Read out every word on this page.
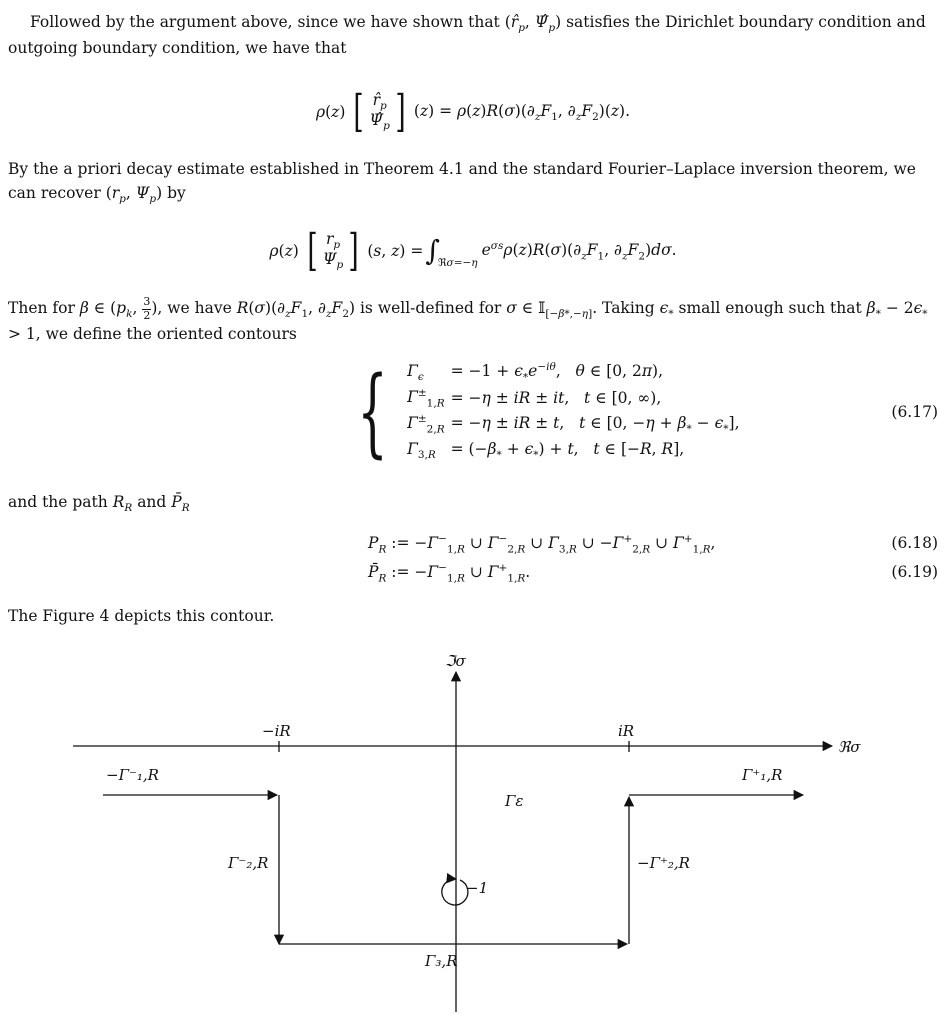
Followed by the argument above, since we have shown that ($r̂_p$, $\Psî_p$) satisfies the Dirichlet boundary condition and outgoing boundary condition, we have that

ρ(z) [ $r̂_p$
$\Psî_p$ ] $(z) = \rho(z)R(\sigma)(\partial_zF_1$, $\partial_zF_2)(z)$.

By the a priori decay estimate established in Theorem 4.1 and the standard Fourier–Laplace inversion theorem, we can recover ($r_p$, $\Psi_p$) by

ρ(z) [ $r_p$
$\Psi_p$ ] (s, z) = ∫
ℜσ=−η
$e^{\sigma s}\rho(z)R(\sigma)(\partial_zF_1$, $\partial_zF_2)d\sigma$.

Then for β ∈ ($p_k$, $\frac{3}{2}$ ), we have $R(\sigma)(\partial_zF_1$, $\partial_zF_2$) is well-defined for σ ∈ 𝕀$_{[-\beta*,-\eta]}$. Taking $\epsilon_*$ small enough such that $\beta_* - 2\epsilon_* > 1$, we define the oriented contours

{ $\Gamma_\epsilon$	= $-1 + \epsilon_*e^{-i\theta}$,   θ ∈ [0, 2π),
$\Gamma^\pm_{1,R}$	= −η ± iR ± it,   t ∈ [0, ∞),
$\Gamma^\pm_{2,R}$	= −η ± iR ± t,   t ∈ [0, $-\eta + \beta_* - \epsilon_*$],
$\Gamma_{3,R}$	= $(-\beta_* + \epsilon_*) + t$,   t ∈ [−R, R],
(6.17)

and the path $R_R$ and $P̄_R$

$P_R$ := $-\Gamma^-_{1,R}$ ∪ $\Gamma^-_{2,R}$ ∪ $\Gamma_{3,R}$ ∪ $-\Gamma^+_{2,R}$ ∪ $\Gamma^+_{1,R}$,	(6.18)
$P̄_R$ := $-\Gamma^-_{1,R}$ ∪ $\Gamma^+_{1,R}$.	(6.19)

The Figure 4 depicts this contour.

ℑσ
ℜσ
−iR	iR
−Γ⁻₁,R	Γ⁺₁,R
Γε
Γ⁻₂,R	−Γ⁺₂,R
−1
Γ₃,R
